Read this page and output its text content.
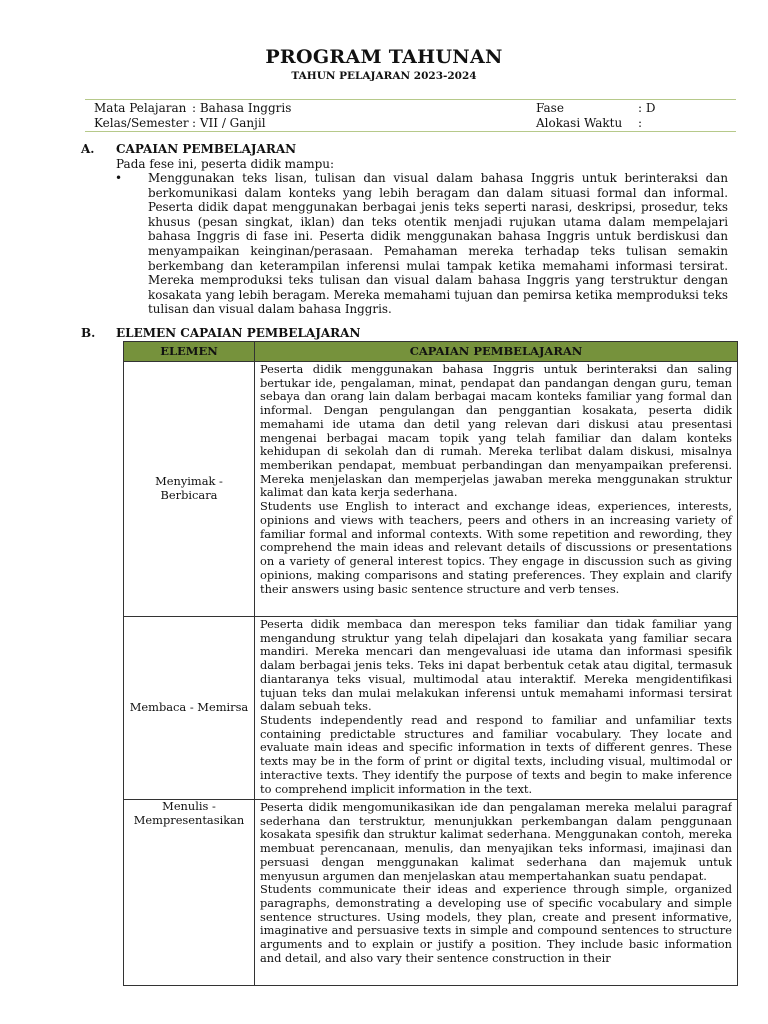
PROGRAM TAHUNAN
TAHUN PELAJARAN 2023-2024
Mata Pelajaran : Bahasa Inggris	Fase	: D
Kelas/Semester : VII / Ganjil	Alokasi Waktu :
A. CAPAIAN PEMBELAJARAN
Pada fese ini, peserta didik mampu:
• Menggunakan teks lisan, tulisan dan visual dalam bahasa Inggris untuk berinteraksi dan berkomunikasi dalam konteks yang lebih beragam dan dalam situasi formal dan informal. Peserta didik dapat menggunakan berbagai jenis teks seperti narasi, deskripsi, prosedur, teks khusus (pesan singkat, iklan) dan teks otentik menjadi rujukan utama dalam mempelajari bahasa Inggris di fase ini. Peserta didik menggunakan bahasa Inggris untuk berdiskusi dan menyampaikan keinginan/perasaan. Pemahaman mereka terhadap teks tulisan semakin berkembang dan keterampilan inferensi mulai tampak ketika memahami informasi tersirat. Mereka memproduksi teks tulisan dan visual dalam bahasa Inggris yang terstruktur dengan kosakata yang lebih beragam. Mereka memahami tujuan dan pemirsa ketika memproduksi teks tulisan dan visual dalam bahasa Inggris.
B. ELEMEN CAPAIAN PEMBELAJARAN
ELEMEN	CAPAIAN PEMBELAJARAN
Menyimak - Berbicara	Peserta didik menggunakan bahasa Inggris untuk berinteraksi dan saling bertukar ide, pengalaman, minat, pendapat dan pandangan dengan guru, teman sebaya dan orang lain dalam berbagai macam konteks familiar yang formal dan informal. Dengan pengulangan dan penggantian kosakata, peserta didik memahami ide utama dan detil yang relevan dari diskusi atau presentasi mengenai berbagai macam topik yang telah familiar dan dalam konteks kehidupan di sekolah dan di rumah. Mereka terlibat dalam diskusi, misalnya memberikan pendapat, membuat perbandingan dan menyampaikan preferensi. Mereka menjelaskan dan memperjelas jawaban mereka menggunakan struktur kalimat dan kata kerja sederhana.

Students use English to interact and exchange ideas, experiences, interests, opinions and views with teachers, peers and others in an increasing variety of familiar formal and informal contexts. With some repetition and rewording, they comprehend the main ideas and relevant details of discussions or presentations on a variety of general interest topics. They engage in discussion such as giving opinions, making comparisons and stating preferences. They explain and clarify their answers using basic sentence structure and verb tenses.

Membaca - Memirsa	Peserta didik membaca dan merespon teks familiar dan tidak familiar yang mengandung struktur yang telah dipelajari dan kosakata yang familiar secara mandiri. Mereka mencari dan mengevaluasi ide utama dan informasi spesifik dalam berbagai jenis teks. Teks ini dapat berbentuk cetak atau digital, termasuk diantaranya teks visual, multimodal atau interaktif. Mereka mengidentifikasi tujuan teks dan mulai melakukan inferensi untuk memahami informasi tersirat dalam sebuah teks.

Students independently read and respond to familiar and unfamiliar texts containing predictable structures and familiar vocabulary. They locate and evaluate main ideas and specific information in texts of different genres. These texts may be in the form of print or digital texts, including visual, multimodal or interactive texts. They identify the purpose of texts and begin to make inference to comprehend implicit information in the text.

Menulis - Mempresentasikan	Peserta didik mengomunikasikan ide dan pengalaman mereka melalui paragraf sederhana dan terstruktur, menunjukkan perkembangan dalam penggunaan kosakata spesifik dan struktur kalimat sederhana. Menggunakan contoh, mereka membuat perencanaan, menulis, dan menyajikan teks informasi, imajinasi dan persuasi dengan menggunakan kalimat sederhana dan majemuk untuk menyusun argumen dan menjelaskan atau mempertahankan suatu pendapat.

Students communicate their ideas and experience through simple, organized paragraphs, demonstrating a developing use of specific vocabulary and simple sentence structures. Using models, they plan, create and present informative, imaginative and persuasive texts in simple and compound sentences to structure arguments and to explain or justify a position. They include basic information and detail, and also vary their sentence construction in their
